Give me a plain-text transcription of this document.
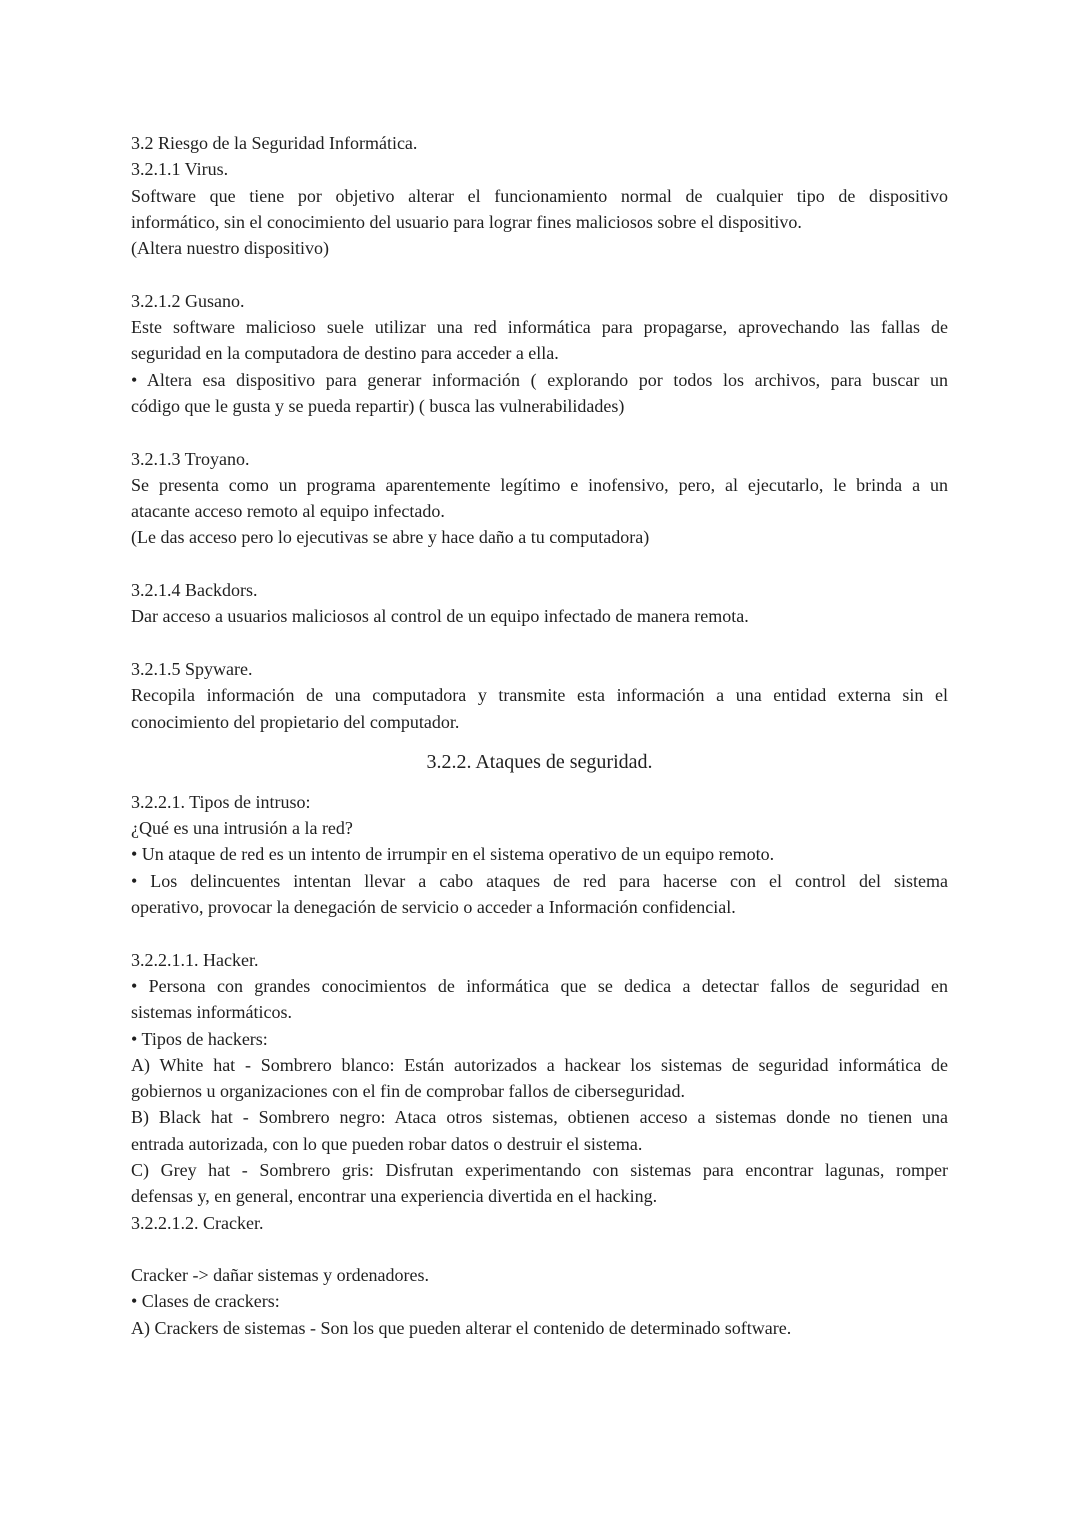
3.2 Riesgo de la Seguridad Informática.
3.2.1.1 Virus.
Software que tiene por objetivo alterar el funcionamiento normal de cualquier tipo de dispositivo
informático, sin el conocimiento del usuario para lograr fines maliciosos sobre el dispositivo.
(Altera nuestro dispositivo)
3.2.1.2 Gusano.
Este software malicioso suele utilizar una red informática para propagarse, aprovechando las fallas de
seguridad en la computadora de destino para acceder a ella.
• Altera esa dispositivo para generar información ( explorando por todos los archivos, para buscar un
código que le gusta y se pueda repartir) ( busca las vulnerabilidades)
3.2.1.3 Troyano.
Se presenta como un programa aparentemente legítimo e inofensivo, pero, al ejecutarlo, le brinda a un
atacante acceso remoto al equipo infectado.
(Le das acceso pero lo ejecutivas se abre y hace daño a tu computadora)
3.2.1.4 Backdors.
Dar acceso a usuarios maliciosos al control de un equipo infectado de manera remota.
3.2.1.5 Spyware.
Recopila información de una computadora y transmite esta información a una entidad externa sin el
conocimiento del propietario del computador.
3.2.2. Ataques de seguridad.
3.2.2.1. Tipos de intruso:
¿Qué es una intrusión a la red?
• Un ataque de red es un intento de irrumpir en el sistema operativo de un equipo remoto.
• Los delincuentes intentan llevar a cabo ataques de red para hacerse con el control del sistema
operativo, provocar la denegación de servicio o acceder a Información confidencial.
3.2.2.1.1. Hacker.
• Persona con grandes conocimientos de informática que se dedica a detectar fallos de seguridad en
sistemas informáticos.
• Tipos de hackers:
A) White hat - Sombrero blanco: Están autorizados a hackear los sistemas de seguridad informática de
gobiernos u organizaciones con el fin de comprobar fallos de ciberseguridad.
B) Black hat - Sombrero negro: Ataca otros sistemas, obtienen acceso a sistemas donde no tienen una
entrada autorizada, con lo que pueden robar datos o destruir el sistema.
C) Grey hat - Sombrero gris: Disfrutan experimentando con sistemas para encontrar lagunas, romper
defensas y, en general, encontrar una experiencia divertida en el hacking.
3.2.2.1.2. Cracker.
Cracker -> dañar sistemas y ordenadores.
• Clases de crackers:
A) Crackers de sistemas - Son los que pueden alterar el contenido de determinado software.
